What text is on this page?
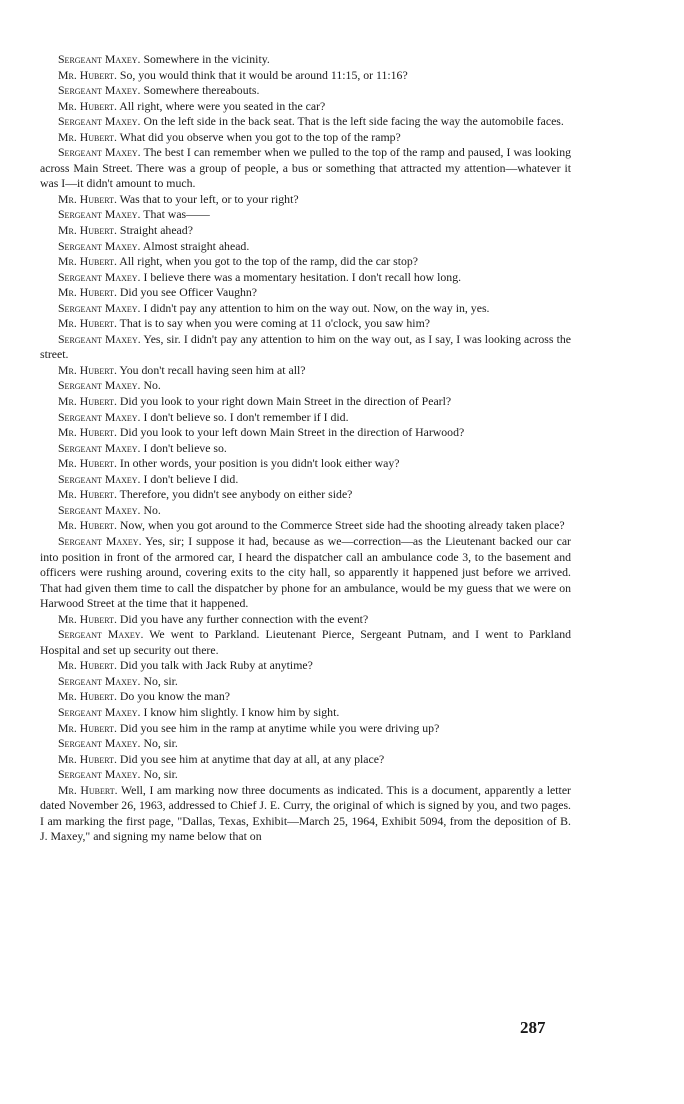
Sergeant Maxey. Somewhere in the vicinity.

Mr. Hubert. So, you would think that it would be around 11:15, or 11:16?

Sergeant Maxey. Somewhere thereabouts.

Mr. Hubert. All right, where were you seated in the car?

Sergeant Maxey. On the left side in the back seat. That is the left side facing the way the automobile faces.

Mr. Hubert. What did you observe when you got to the top of the ramp?

Sergeant Maxey. The best I can remember when we pulled to the top of the ramp and paused, I was looking across Main Street. There was a group of people, a bus or something that attracted my attention—whatever it was I—it didn't amount to much.

Mr. Hubert. Was that to your left, or to your right?

Sergeant Maxey. That was——

Mr. Hubert. Straight ahead?

Sergeant Maxey. Almost straight ahead.

Mr. Hubert. All right, when you got to the top of the ramp, did the car stop?

Sergeant Maxey. I believe there was a momentary hesitation. I don't recall how long.

Mr. Hubert. Did you see Officer Vaughn?

Sergeant Maxey. I didn't pay any attention to him on the way out. Now, on the way in, yes.

Mr. Hubert. That is to say when you were coming at 11 o'clock, you saw him?

Sergeant Maxey. Yes, sir. I didn't pay any attention to him on the way out, as I say, I was looking across the street.

Mr. Hubert. You don't recall having seen him at all?

Sergeant Maxey. No.

Mr. Hubert. Did you look to your right down Main Street in the direction of Pearl?

Sergeant Maxey. I don't believe so. I don't remember if I did.

Mr. Hubert. Did you look to your left down Main Street in the direction of Harwood?

Sergeant Maxey. I don't believe so.

Mr. Hubert. In other words, your position is you didn't look either way?

Sergeant Maxey. I don't believe I did.

Mr. Hubert. Therefore, you didn't see anybody on either side?

Sergeant Maxey. No.

Mr. Hubert. Now, when you got around to the Commerce Street side had the shooting already taken place?

Sergeant Maxey. Yes, sir; I suppose it had, because as we—correction—as the Lieutenant backed our car into position in front of the armored car, I heard the dispatcher call an ambulance code 3, to the basement and officers were rushing around, covering exits to the city hall, so apparently it happened just before we arrived. That had given them time to call the dispatcher by phone for an ambulance, would be my guess that we were on Harwood Street at the time that it happened.

Mr. Hubert. Did you have any further connection with the event?

Sergeant Maxey. We went to Parkland. Lieutenant Pierce, Sergeant Putnam, and I went to Parkland Hospital and set up security out there.

Mr. Hubert. Did you talk with Jack Ruby at anytime?

Sergeant Maxey. No, sir.

Mr. Hubert. Do you know the man?

Sergeant Maxey. I know him slightly. I know him by sight.

Mr. Hubert. Did you see him in the ramp at anytime while you were driving up?

Sergeant Maxey. No, sir.

Mr. Hubert. Did you see him at anytime that day at all, at any place?

Sergeant Maxey. No, sir.

Mr. Hubert. Well, I am marking now three documents as indicated. This is a document, apparently a letter dated November 26, 1963, addressed to Chief J. E. Curry, the original of which is signed by you, and two pages. I am marking the first page, "Dallas, Texas, Exhibit—March 25, 1964, Exhibit 5094, from the deposition of B. J. Maxey," and signing my name below that on

287
